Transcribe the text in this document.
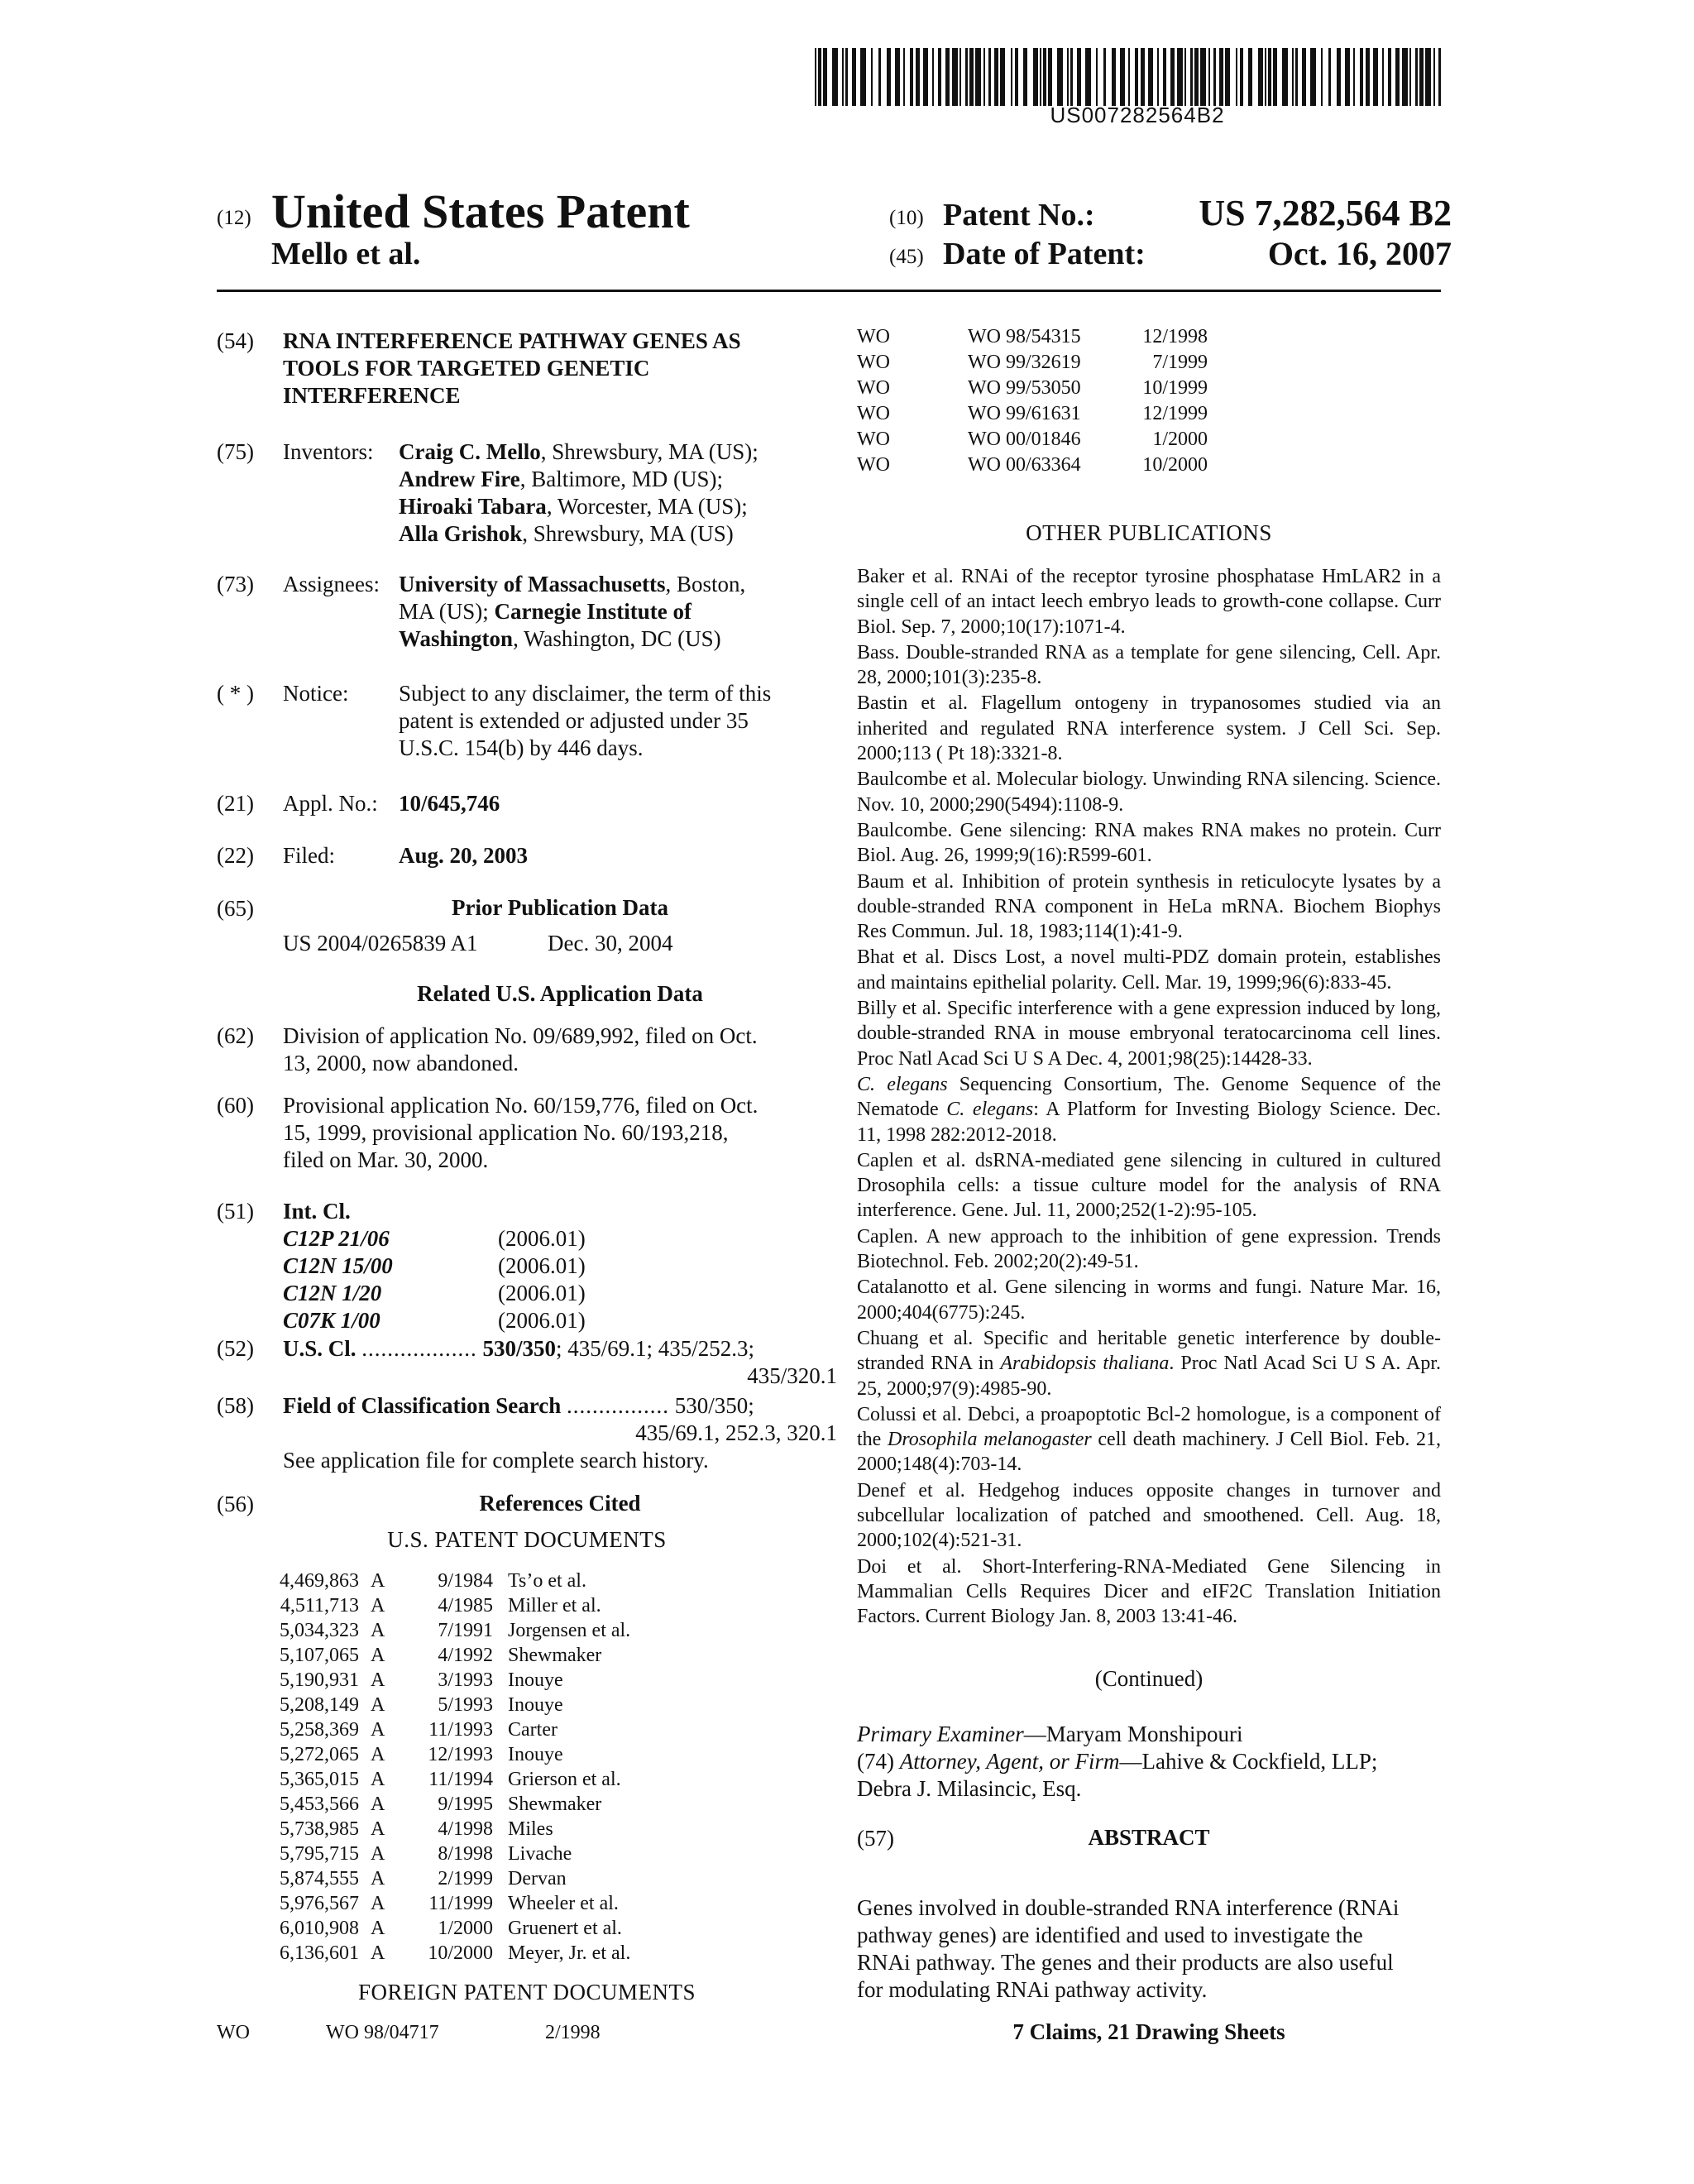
US007282564B2
(12) United States Patent
Mello et al.
(10) Patent No.:	US 7,282,564 B2
(45) Date of Patent:	Oct. 16, 2007
(54) RNA INTERFERENCE PATHWAY GENES AS
TOOLS FOR TARGETED GENETIC
INTERFERENCE
(75) Inventors: Craig C. Mello, Shrewsbury, MA (US);
Andrew Fire, Baltimore, MD (US);
Hiroaki Tabara, Worcester, MA (US);
Alla Grishok, Shrewsbury, MA (US)
(73) Assignees: University of Massachusetts, Boston,
MA (US); Carnegie Institute of
Washington, Washington, DC (US)
( * ) Notice: Subject to any disclaimer, the term of this
patent is extended or adjusted under 35
U.S.C. 154(b) by 446 days.
(21) Appl. No.: 10/645,746
(22) Filed:	Aug. 20, 2003
(65)	Prior Publication Data
US 2004/0265839 A1	Dec. 30, 2004
Related U.S. Application Data
(62) Division of application No. 09/689,992, filed on Oct.
13, 2000, now abandoned.
(60) Provisional application No. 60/159,776, filed on Oct.
15, 1999, provisional application No. 60/193,218,
filed on Mar. 30, 2000.
(51) Int. Cl.
C12P 21/06	(2006.01)
C12N 15/00	(2006.01)
C12N 1/20	(2006.01)
C07K 1/00	(2006.01)
(52) U.S. Cl. .................. 530/350; 435/69.1; 435/252.3;
435/320.1
(58) Field of Classification Search ................ 530/350;
435/69.1, 252.3, 320.1
See application file for complete search history.
(56)	References Cited
U.S. PATENT DOCUMENTS
4,469,863	A	9/1984	Ts’o et al.
4,511,713	A	4/1985	Miller et al.
5,034,323	A	7/1991	Jorgensen et al.
5,107,065	A	4/1992	Shewmaker
5,190,931	A	3/1993	Inouye
5,208,149	A	5/1993	Inouye
5,258,369	A	11/1993	Carter
5,272,065	A	12/1993	Inouye
5,365,015	A	11/1994	Grierson et al.
5,453,566	A	9/1995	Shewmaker
5,738,985	A	4/1998	Miles
5,795,715	A	8/1998	Livache
5,874,555	A	2/1999	Dervan
5,976,567	A	11/1999	Wheeler et al.
6,010,908	A	1/2000	Gruenert et al.
6,136,601	A	10/2000	Meyer, Jr. et al.
FOREIGN PATENT DOCUMENTS
WO	WO 98/04717	2/1998
WO	WO 98/54315	12/1998
WO	WO 99/32619	7/1999
WO	WO 99/53050	10/1999
WO	WO 99/61631	12/1999
WO	WO 00/01846	1/2000
WO	WO 00/63364	10/2000
OTHER PUBLICATIONS

Baker et al. RNAi of the receptor tyrosine phosphatase HmLAR2 in a single cell of an intact leech embryo leads to growth-cone collapse. Curr Biol. Sep. 7, 2000;10(17):1071-4.

Bass. Double-stranded RNA as a template for gene silencing, Cell. Apr. 28, 2000;101(3):235-8.

Bastin et al. Flagellum ontogeny in trypanosomes studied via an inherited and regulated RNA interference system. J Cell Sci. Sep. 2000;113 ( Pt 18):3321-8.

Baulcombe et al. Molecular biology. Unwinding RNA silencing. Science. Nov. 10, 2000;290(5494):1108-9.

Baulcombe. Gene silencing: RNA makes RNA makes no protein. Curr Biol. Aug. 26, 1999;9(16):R599-601.

Baum et al. Inhibition of protein synthesis in reticulocyte lysates by a double-stranded RNA component in HeLa mRNA. Biochem Biophys Res Commun. Jul. 18, 1983;114(1):41-9.

Bhat et al. Discs Lost, a novel multi-PDZ domain protein, establishes and maintains epithelial polarity. Cell. Mar. 19, 1999;96(6):833-45.

Billy et al. Specific interference with a gene expression induced by long, double-stranded RNA in mouse embryonal teratocarcinoma cell lines. Proc Natl Acad Sci U S A Dec. 4, 2001;98(25):14428-33.

C. elegans Sequencing Consortium, The. Genome Sequence of the Nematode C. elegans: A Platform for Investing Biology Science. Dec. 11, 1998 282:2012-2018.

Caplen et al. dsRNA-mediated gene silencing in cultured in cultured Drosophila cells: a tissue culture model for the analysis of RNA interference. Gene. Jul. 11, 2000;252(1-2):95-105.

Caplen. A new approach to the inhibition of gene expression. Trends Biotechnol. Feb. 2002;20(2):49-51.

Catalanotto et al. Gene silencing in worms and fungi. Nature Mar. 16, 2000;404(6775):245.

Chuang et al. Specific and heritable genetic interference by double-stranded RNA in Arabidopsis thaliana. Proc Natl Acad Sci U S A. Apr. 25, 2000;97(9):4985-90.

Colussi et al. Debci, a proapoptotic Bcl-2 homologue, is a component of the Drosophila melanogaster cell death machinery. J Cell Biol. Feb. 21, 2000;148(4):703-14.

Denef et al. Hedgehog induces opposite changes in turnover and subcellular localization of patched and smoothened. Cell. Aug. 18, 2000;102(4):521-31.

Doi et al. Short-Interfering-RNA-Mediated Gene Silencing in Mammalian Cells Requires Dicer and eIF2C Translation Initiation Factors. Current Biology Jan. 8, 2003 13:41-46.

(Continued)
Primary Examiner—Maryam Monshipouri
(74) Attorney, Agent, or Firm—Lahive & Cockfield, LLP;
Debra J. Milasincic, Esq.
(57)	ABSTRACT
Genes involved in double-stranded RNA interference (RNAi
pathway genes) are identified and used to investigate the
RNAi pathway. The genes and their products are also useful
for modulating RNAi pathway activity.
7 Claims, 21 Drawing Sheets
